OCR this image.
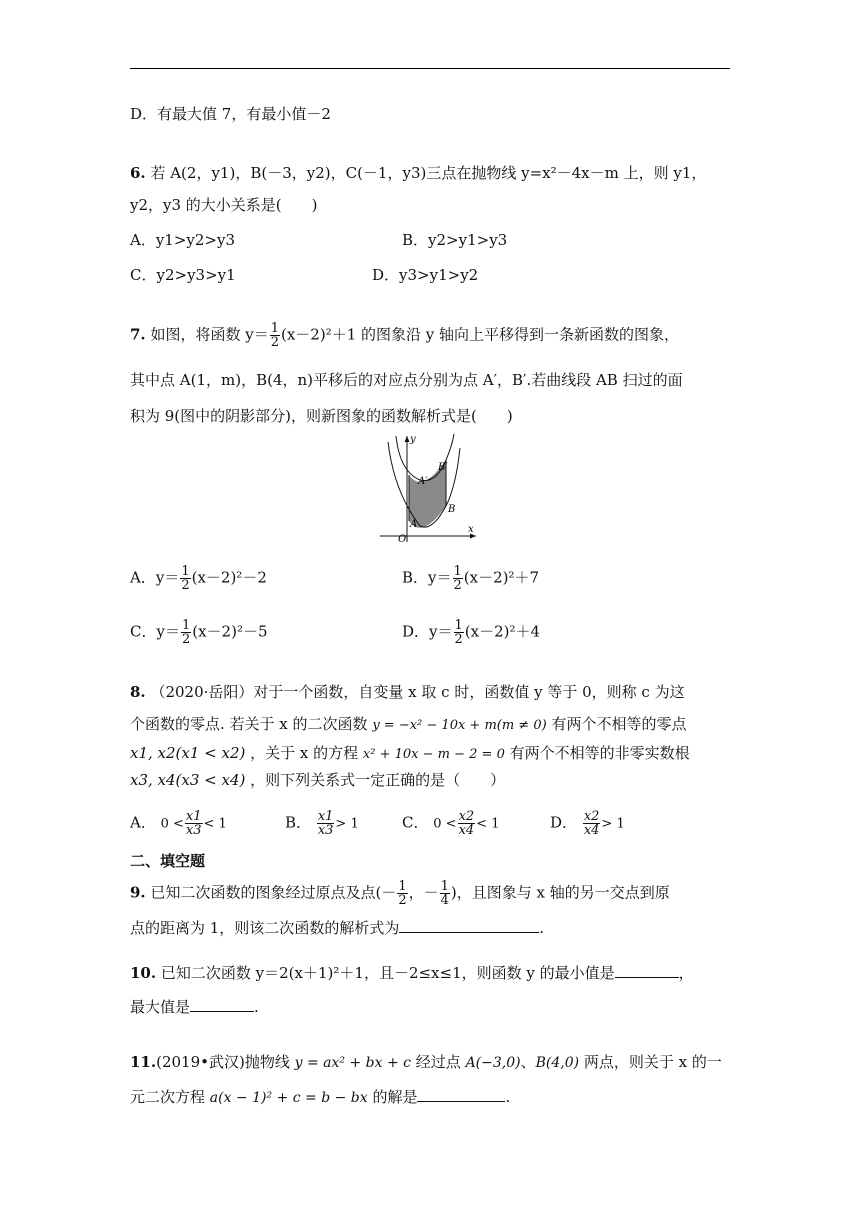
D．有最大值 7，有最小值－2
6. 若 A(2，y1)，B(－3，y2)，C(－1，y3)三点在抛物线 y=x²－4x－m 上，则 y1，
y2，y3 的大小关系是(　　)
A．y1>y2>y3	B．y2>y1>y3
C．y2>y3>y1	D．y3>y1>y2
7. 如图，将函数 $y= \frac{1}{2} (x-2)^2+1$ 的图象沿 y 轴向上平移得到一条新函数的图象，
其中点 A(1，m)，B(4，n)平移后的对应点分别为点 A′，B′.若曲线段 AB 扫过的面
积为 9(图中的阴影部分)，则新图象的函数解析式是(　　)
y
x
O
A
B
A′
B′
A．$y= \frac{1}{2} (x-2)^2-2$	B．$y= \frac{1}{2} (x-2)^2+7$
C．$y= \frac{1}{2} (x-2)^2-5$	D．$y= \frac{1}{2} (x-2)^2+4$
8. （2020·岳阳）对于一个函数，自变量 x 取 c 时，函数值 y 等于 0，则称 c 为这
个函数的零点. 若关于 x 的二次函数 y = −x² − 10x + m(m ≠ 0) 有两个不相等的零点
x1, x2(x1 < x2) ，关于 x 的方程 x² + 10x − m − 2 = 0 有两个不相等的非零实数根
x3, x4(x3 < x4) ，则下列关系式一定正确的是（　　）
A． $0 < \frac{x1}{x3} < 1$	B． $\frac{x1}{x3} > 1$	C． $0 < \frac{x2}{x4} < 1$	D． $\frac{x2}{x4} > 1$
二、填空题
9. 已知二次函数的图象经过原点及点(－ $\frac{1}{2}$ ，－ $\frac{1}{4}$ )，且图象与 x 轴的另一交点到原
点的距离为 1，则该二次函数的解析式为	.
10. 已知二次函数 y＝2(x＋1)²＋1，且－2≤x≤1，则函数 y 的最小值是	，
最大值是	.
11.(2019•武汉)抛物线 y = ax² + bx + c 经过点 A(−3,0)、B(4,0) 两点，则关于 x 的一
元二次方程 a(x − 1)² + c = b − bx 的解是	.
